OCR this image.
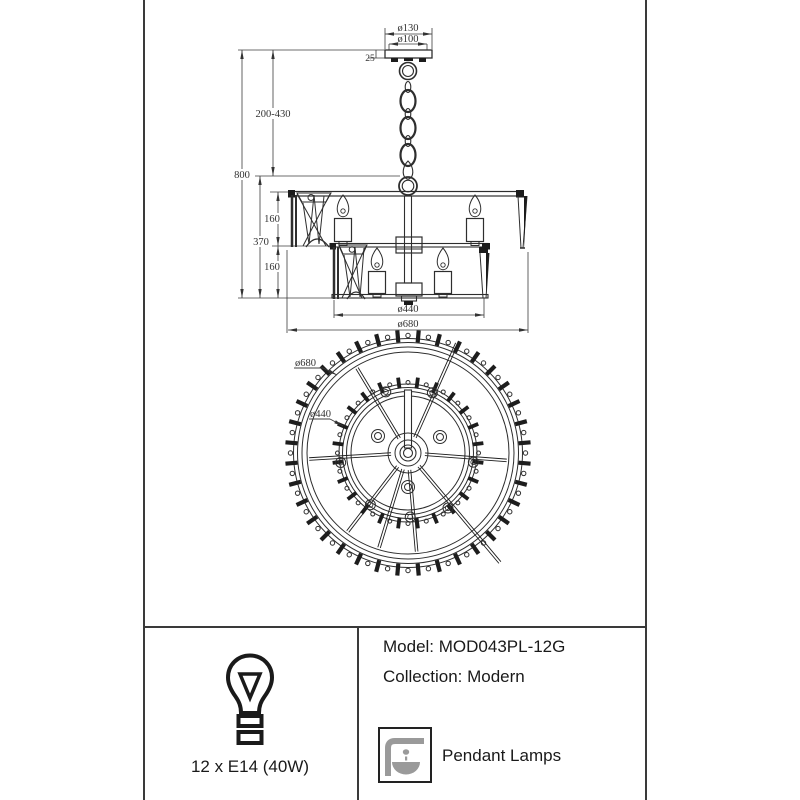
ø130
ø100
25
200-430
800
370
160
160
ø440
ø680
ø680
ø440
12 x E14 (40W)
Model: MOD043PL-12G
Collection: Modern
Pendant Lamps
